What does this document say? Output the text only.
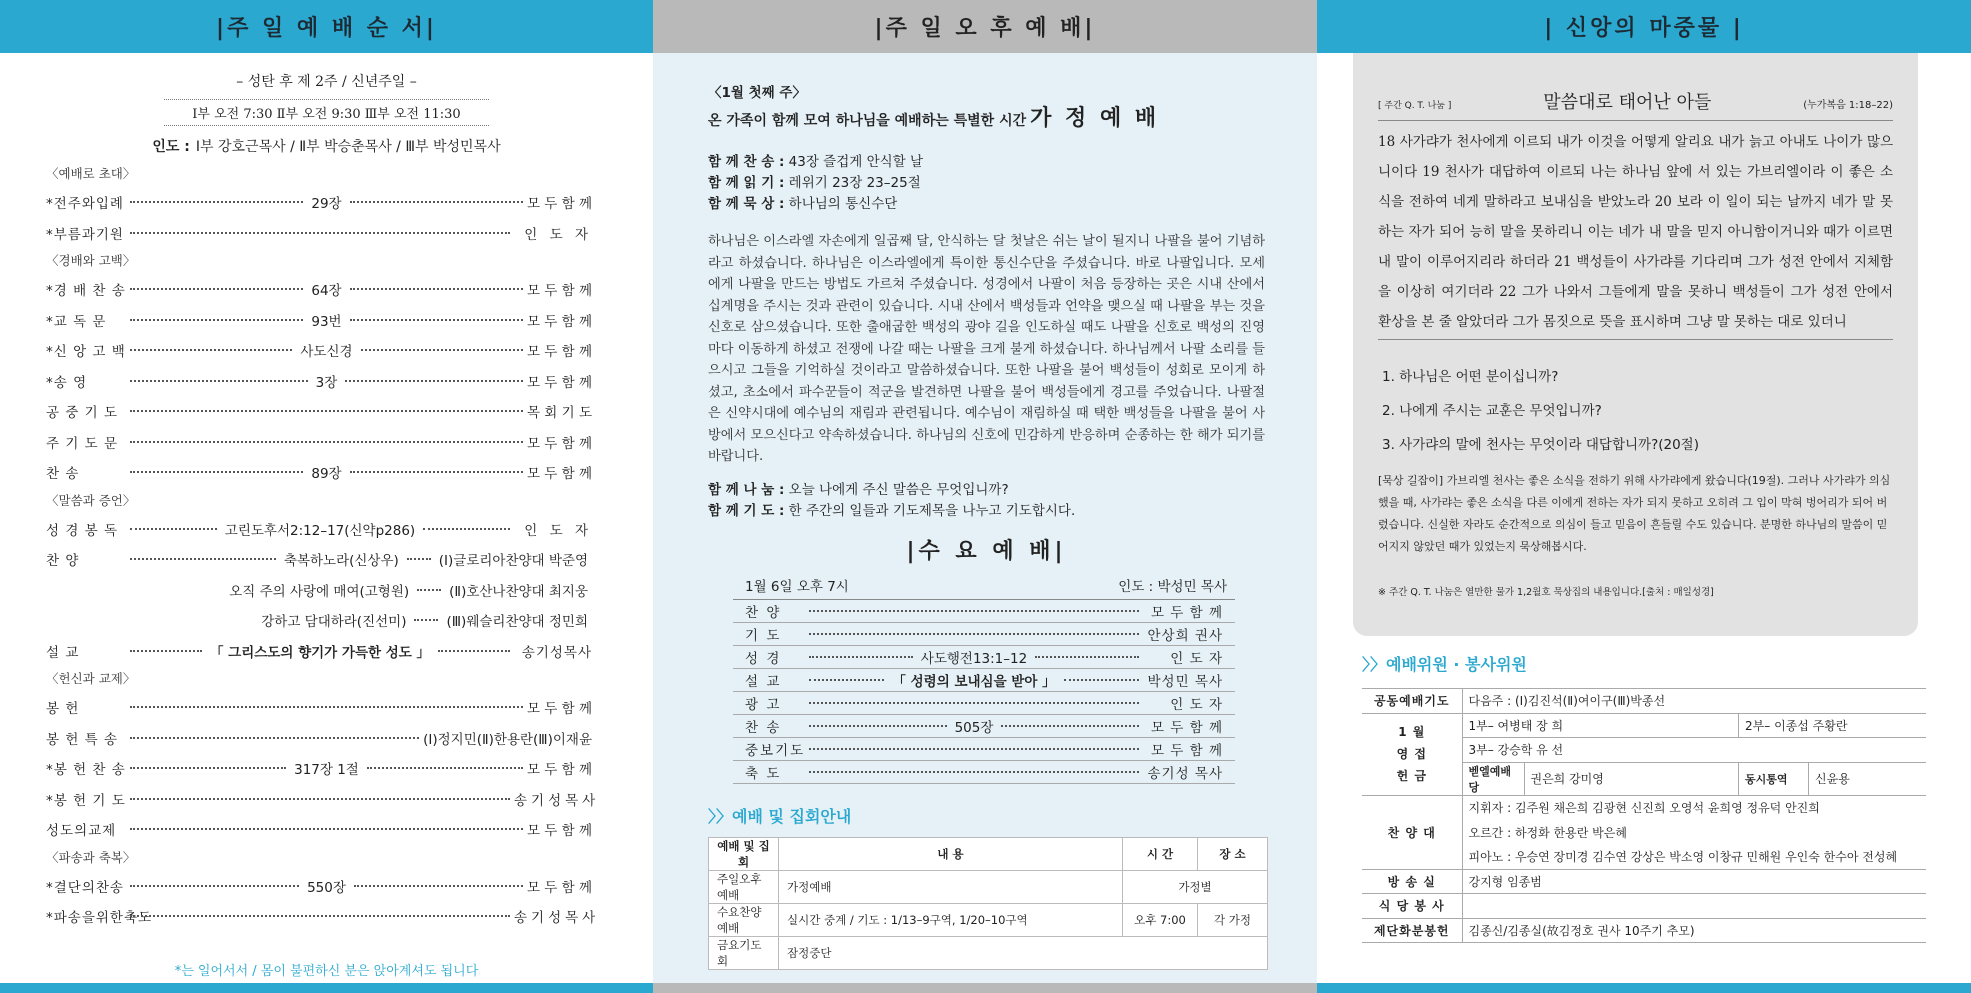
|주 일 예 배 순 서|
– 성탄 후 제 2주 / 신년주일 –
Ⅰ부 오전 7:30 Ⅱ부 오전 9:30 Ⅲ부 오전 11:30
인도 : Ⅰ부 강호근목사 / Ⅱ부 박승춘목사 / Ⅲ부 박성민목사
〈예배로 초대〉
*전주와입례	29장	모 두 함 께
*부름과기원	인 도 자
〈경배와 고백〉
*경 배 찬 송	64장	모 두 함 께
*교 독 문	93번	모 두 함 께
*신 앙 고 백	사도신경	모 두 함 께
*송 영	3장	모 두 함 께
공 중 기 도	목 회 기 도
주 기 도 문	모 두 함 께
찬 송	89장	모 두 함 께
〈말씀과 증언〉
성 경 봉 독	고린도후서2:12–17(신약p286)	인 도 자
찬 양	축복하노라(신상우)	(Ⅰ)글로리아찬양대 박준영
오직 주의 사랑에 매여(고형원)	(Ⅱ)호산나찬양대 최지웅
강하고 담대하라(진선미)	(Ⅲ)웨슬리찬양대 정민희
설 교	「 그리스도의 향기가 가득한 성도 」	송기성목사
〈헌신과 교제〉
봉 헌	모 두 함 께
봉 헌 특 송	(Ⅰ)정지민(Ⅱ)한용란(Ⅲ)이재윤
*봉 헌 찬 송	317장 1절	모 두 함 께
*봉 헌 기 도	송기성목사
성도의교제	모 두 함 께
〈파송과 축복〉
*결단의찬송	550장	모 두 함 께
*파송을위한축도	송기성목사
*는 일어서서 / 몸이 불편하신 분은 앉아계셔도 됩니다
|주 일 오 후 예 배|
〈1월 첫째 주〉
온 가족이 함께 모여 하나님을 예배하는 특별한 시간 가 정 예 배
함 께 찬 송 : 43장 즐겁게 안식할 날
함 께 읽 기 : 레위기 23장 23–25절
함 께 묵 상 : 하나님의 통신수단
하나님은 이스라엘 자손에게 일곱째 달, 안식하는 달 첫날은 쉬는 날이 될지니 나팔을 불어 기념하라고 하셨습니다. 하나님은 이스라엘에게 특이한 통신수단을 주셨습니다. 바로 나팔입니다. 모세에게 나팔을 만드는 방법도 가르쳐 주셨습니다. 성경에서 나팔이 처음 등장하는 곳은 시내 산에서 십계명을 주시는 것과 관련이 있습니다. 시내 산에서 백성들과 언약을 맺으실 때 나팔을 부는 것을 신호로 삼으셨습니다. 또한 출애굽한 백성의 광야 길을 인도하실 때도 나팔을 신호로 백성의 진영마다 이동하게 하셨고 전쟁에 나갈 때는 나팔을 크게 불게 하셨습니다. 하나님께서 나팔 소리를 들으시고 그들을 기억하실 것이라고 말씀하셨습니다. 또한 나팔을 불어 백성들이 성회로 모이게 하셨고, 초소에서 파수꾼들이 적군을 발견하면 나팔을 불어 백성들에게 경고를 주었습니다. 나팔절은 신약시대에 예수님의 재림과 관련됩니다. 예수님이 재림하실 때 택한 백성들을 나팔을 불어 사방에서 모으신다고 약속하셨습니다. 하나님의 신호에 민감하게 반응하며 순종하는 한 해가 되기를 바랍니다.
함 께 나 눔 : 오늘 나에게 주신 말씀은 무엇입니까?
함 께 기 도 : 한 주간의 일들과 기도제목을 나누고 기도합시다.
|수 요 예 배|
1월 6일 오후 7시	인도 : 박성민 목사
찬 양	모 두 함 께
기 도	안상희 권사
성 경	사도행전13:1–12	인 도 자
설 교	「 성령의 보내심을 받아 」	박성민 목사
광 고	인 도 자
찬 송	505장	모 두 함 께
중보기도	모 두 함 께
축 도	송기성 목사
〉〉예배 및 집회안내
예배 및 집회	내 용	시 간	장 소
주일오후예배	가정예배	가정별	
수요찬양예배	실시간 중계 / 기도 : 1/13–9구역, 1/20–10구역	오후 7:00	각 가정
금요기도회	잠정중단		
| 신앙의 마중물 |
[ 주간 Q. T. 나눔 ]	말씀대로 태어난 아들	(누가복음 1:18–22)
18 사가랴가 천사에게 이르되 내가 이것을 어떻게 알리요 내가 늙고 아내도 나이가 많으니이다 19 천사가 대답하여 이르되 나는 하나님 앞에 서 있는 가브리엘이라 이 좋은 소식을 전하여 네게 말하라고 보내심을 받았노라 20 보라 이 일이 되는 날까지 네가 말 못하는 자가 되어 능히 말을 못하리니 이는 네가 내 말을 믿지 아니함이거니와 때가 이르면 내 말이 이루어지리라 하더라 21 백성들이 사가랴를 기다리며 그가 성전 안에서 지체함을 이상히 여기더라 22 그가 나와서 그들에게 말을 못하니 백성들이 그가 성전 안에서 환상을 본 줄 알았더라 그가 몸짓으로 뜻을 표시하며 그냥 말 못하는 대로 있더니
1. 하나님은 어떤 분이십니까?
2. 나에게 주시는 교훈은 무엇입니까?
3. 사가랴의 말에 천사는 무엇이라 대답합니까?(20절)
[묵상 길잡이] 가브리엘 천사는 좋은 소식을 전하기 위해 사가랴에게 왔습니다(19절). 그러나 사가랴가 의심했을 때, 사가랴는 좋은 소식을 다른 이에게 전하는 자가 되지 못하고 오히려 그 입이 막혀 벙어리가 되어 버렸습니다. 신실한 자라도 순간적으로 의심이 들고 믿음이 흔들릴 수도 있습니다. 분명한 하나님의 말씀이 믿어지지 않았던 때가 있었는지 묵상해봅시다.
※ 주간 Q. T. 나눔은 열만한 물가 1,2월호 묵상집의 내용입니다.[출처 : 매일성경]
〉〉예배위원 · 봉사위원
공동예배기도	다음주 : (Ⅰ)김진석(Ⅱ)여이구(Ⅲ)박종선			
1 월
영 접
헌 금	1부– 여병태 장 희		2부– 이종섭 주황란	
	3부– 강승학 유 선			
	벧엘예배당	권은희 강미영	동시통역	신윤용
찬 양 대	지휘자 : 김주원 채은희 김광현 신진희 오영석 윤희영 정유덕 안진희			
	오르간 : 하정화 한용란 박은혜			
	피아노 : 우승연 장미경 김수연 강상은 박소영 이창규 민해원 우인숙 한수아 전성혜			
방 송 실	강지형 임종범			
식 당 봉 사				
제단화분봉헌	김종신/김종실(故김정호 권사 10주기 추모)			
